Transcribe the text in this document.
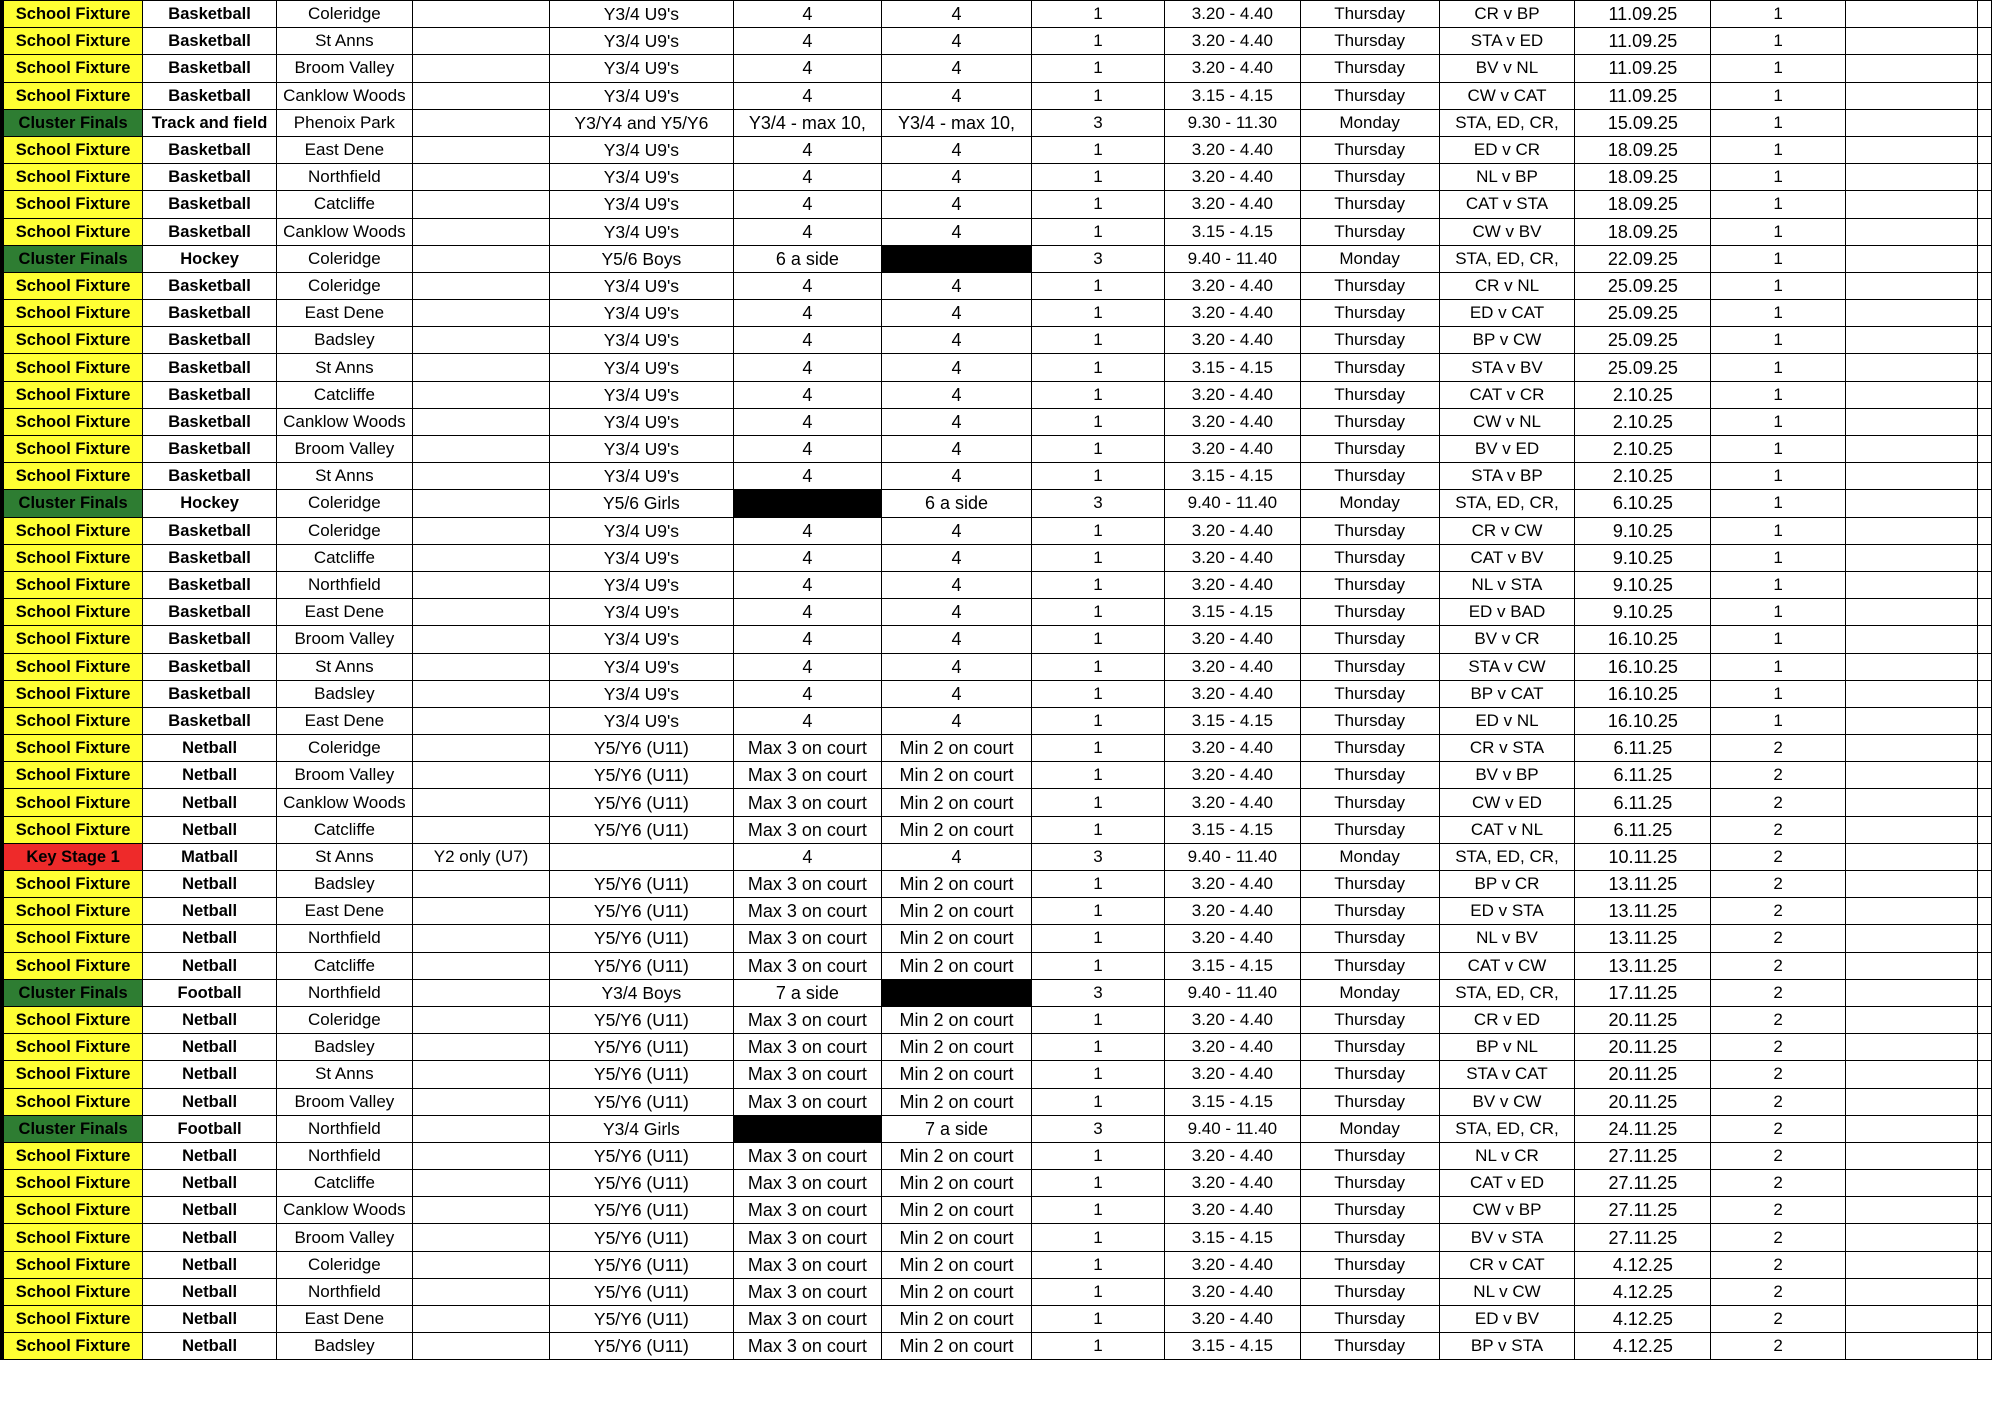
School Fixture	Basketball	Coleridge		Y3/4 U9's	4	4	1	3.20 - 4.40	Thursday	CR v BP	11.09.25	1		
School Fixture	Basketball	St Anns		Y3/4 U9's	4	4	1	3.20 - 4.40	Thursday	STA v ED	11.09.25	1		
School Fixture	Basketball	Broom Valley		Y3/4 U9's	4	4	1	3.20 - 4.40	Thursday	BV v NL	11.09.25	1		
School Fixture	Basketball	Canklow Woods		Y3/4 U9's	4	4	1	3.15 - 4.15	Thursday	CW v CAT	11.09.25	1		
Cluster Finals	Track and field	Phenoix Park		Y3/Y4 and Y5/Y6	Y3/4 - max 10,	Y3/4 - max 10,	3	9.30 - 11.30	Monday	STA, ED, CR,	15.09.25	1		
School Fixture	Basketball	East Dene		Y3/4 U9's	4	4	1	3.20 - 4.40	Thursday	ED v CR	18.09.25	1		
School Fixture	Basketball	Northfield		Y3/4 U9's	4	4	1	3.20 - 4.40	Thursday	NL v BP	18.09.25	1		
School Fixture	Basketball	Catcliffe		Y3/4 U9's	4	4	1	3.20 - 4.40	Thursday	CAT v STA	18.09.25	1		
School Fixture	Basketball	Canklow Woods		Y3/4 U9's	4	4	1	3.15 - 4.15	Thursday	CW v BV	18.09.25	1		
Cluster Finals	Hockey	Coleridge		Y5/6 Boys	6 a side		3	9.40 - 11.40	Monday	STA, ED, CR,	22.09.25	1		
School Fixture	Basketball	Coleridge		Y3/4 U9's	4	4	1	3.20 - 4.40	Thursday	CR v NL	25.09.25	1		
School Fixture	Basketball	East Dene		Y3/4 U9's	4	4	1	3.20 - 4.40	Thursday	ED v CAT	25.09.25	1		
School Fixture	Basketball	Badsley		Y3/4 U9's	4	4	1	3.20 - 4.40	Thursday	BP v CW	25.09.25	1		
School Fixture	Basketball	St Anns		Y3/4 U9's	4	4	1	3.15 - 4.15	Thursday	STA v BV	25.09.25	1		
School Fixture	Basketball	Catcliffe		Y3/4 U9's	4	4	1	3.20 - 4.40	Thursday	CAT v CR	2.10.25	1		
School Fixture	Basketball	Canklow Woods		Y3/4 U9's	4	4	1	3.20 - 4.40	Thursday	CW v NL	2.10.25	1		
School Fixture	Basketball	Broom Valley		Y3/4 U9's	4	4	1	3.20 - 4.40	Thursday	BV v ED	2.10.25	1		
School Fixture	Basketball	St Anns		Y3/4 U9's	4	4	1	3.15 - 4.15	Thursday	STA v BP	2.10.25	1		
Cluster Finals	Hockey	Coleridge		Y5/6 Girls		6 a side	3	9.40 - 11.40	Monday	STA, ED, CR,	6.10.25	1		
School Fixture	Basketball	Coleridge		Y3/4 U9's	4	4	1	3.20 - 4.40	Thursday	CR v CW	9.10.25	1		
School Fixture	Basketball	Catcliffe		Y3/4 U9's	4	4	1	3.20 - 4.40	Thursday	CAT v BV	9.10.25	1		
School Fixture	Basketball	Northfield		Y3/4 U9's	4	4	1	3.20 - 4.40	Thursday	NL v STA	9.10.25	1		
School Fixture	Basketball	East Dene		Y3/4 U9's	4	4	1	3.15 - 4.15	Thursday	ED v BAD	9.10.25	1		
School Fixture	Basketball	Broom Valley		Y3/4 U9's	4	4	1	3.20 - 4.40	Thursday	BV v CR	16.10.25	1		
School Fixture	Basketball	St Anns		Y3/4 U9's	4	4	1	3.20 - 4.40	Thursday	STA v CW	16.10.25	1		
School Fixture	Basketball	Badsley		Y3/4 U9's	4	4	1	3.20 - 4.40	Thursday	BP v CAT	16.10.25	1		
School Fixture	Basketball	East Dene		Y3/4 U9's	4	4	1	3.15 - 4.15	Thursday	ED v NL	16.10.25	1		
School Fixture	Netball	Coleridge		Y5/Y6 (U11)	Max 3 on court	Min 2 on court	1	3.20 - 4.40	Thursday	CR v STA	6.11.25	2		
School Fixture	Netball	Broom Valley		Y5/Y6 (U11)	Max 3 on court	Min 2 on court	1	3.20 - 4.40	Thursday	BV v BP	6.11.25	2		
School Fixture	Netball	Canklow Woods		Y5/Y6 (U11)	Max 3 on court	Min 2 on court	1	3.20 - 4.40	Thursday	CW v ED	6.11.25	2		
School Fixture	Netball	Catcliffe		Y5/Y6 (U11)	Max 3 on court	Min 2 on court	1	3.15 - 4.15	Thursday	CAT v NL	6.11.25	2		
Key Stage 1	Matball	St Anns	Y2 only (U7)		4	4	3	9.40 - 11.40	Monday	STA, ED, CR,	10.11.25	2		
School Fixture	Netball	Badsley		Y5/Y6 (U11)	Max 3 on court	Min 2 on court	1	3.20 - 4.40	Thursday	BP v CR	13.11.25	2		
School Fixture	Netball	East Dene		Y5/Y6 (U11)	Max 3 on court	Min 2 on court	1	3.20 - 4.40	Thursday	ED v STA	13.11.25	2		
School Fixture	Netball	Northfield		Y5/Y6 (U11)	Max 3 on court	Min 2 on court	1	3.20 - 4.40	Thursday	NL v BV	13.11.25	2		
School Fixture	Netball	Catcliffe		Y5/Y6 (U11)	Max 3 on court	Min 2 on court	1	3.15 - 4.15	Thursday	CAT v CW	13.11.25	2		
Cluster Finals	Football	Northfield		Y3/4 Boys	7 a side		3	9.40 - 11.40	Monday	STA, ED, CR,	17.11.25	2		
School Fixture	Netball	Coleridge		Y5/Y6 (U11)	Max 3 on court	Min 2 on court	1	3.20 - 4.40	Thursday	CR v ED	20.11.25	2		
School Fixture	Netball	Badsley		Y5/Y6 (U11)	Max 3 on court	Min 2 on court	1	3.20 - 4.40	Thursday	BP v NL	20.11.25	2		
School Fixture	Netball	St Anns		Y5/Y6 (U11)	Max 3 on court	Min 2 on court	1	3.20 - 4.40	Thursday	STA v CAT	20.11.25	2		
School Fixture	Netball	Broom Valley		Y5/Y6 (U11)	Max 3 on court	Min 2 on court	1	3.15 - 4.15	Thursday	BV v CW	20.11.25	2		
Cluster Finals	Football	Northfield		Y3/4 Girls		7 a side	3	9.40 - 11.40	Monday	STA, ED, CR,	24.11.25	2		
School Fixture	Netball	Northfield		Y5/Y6 (U11)	Max 3 on court	Min 2 on court	1	3.20 - 4.40	Thursday	NL v CR	27.11.25	2		
School Fixture	Netball	Catcliffe		Y5/Y6 (U11)	Max 3 on court	Min 2 on court	1	3.20 - 4.40	Thursday	CAT v ED	27.11.25	2		
School Fixture	Netball	Canklow Woods		Y5/Y6 (U11)	Max 3 on court	Min 2 on court	1	3.20 - 4.40	Thursday	CW v BP	27.11.25	2		
School Fixture	Netball	Broom Valley		Y5/Y6 (U11)	Max 3 on court	Min 2 on court	1	3.15 - 4.15	Thursday	BV v STA	27.11.25	2		
School Fixture	Netball	Coleridge		Y5/Y6 (U11)	Max 3 on court	Min 2 on court	1	3.20 - 4.40	Thursday	CR v CAT	4.12.25	2		
School Fixture	Netball	Northfield		Y5/Y6 (U11)	Max 3 on court	Min 2 on court	1	3.20 - 4.40	Thursday	NL v CW	4.12.25	2		
School Fixture	Netball	East Dene		Y5/Y6 (U11)	Max 3 on court	Min 2 on court	1	3.20 - 4.40	Thursday	ED v BV	4.12.25	2		
School Fixture	Netball	Badsley		Y5/Y6 (U11)	Max 3 on court	Min 2 on court	1	3.15 - 4.15	Thursday	BP v STA	4.12.25	2		
